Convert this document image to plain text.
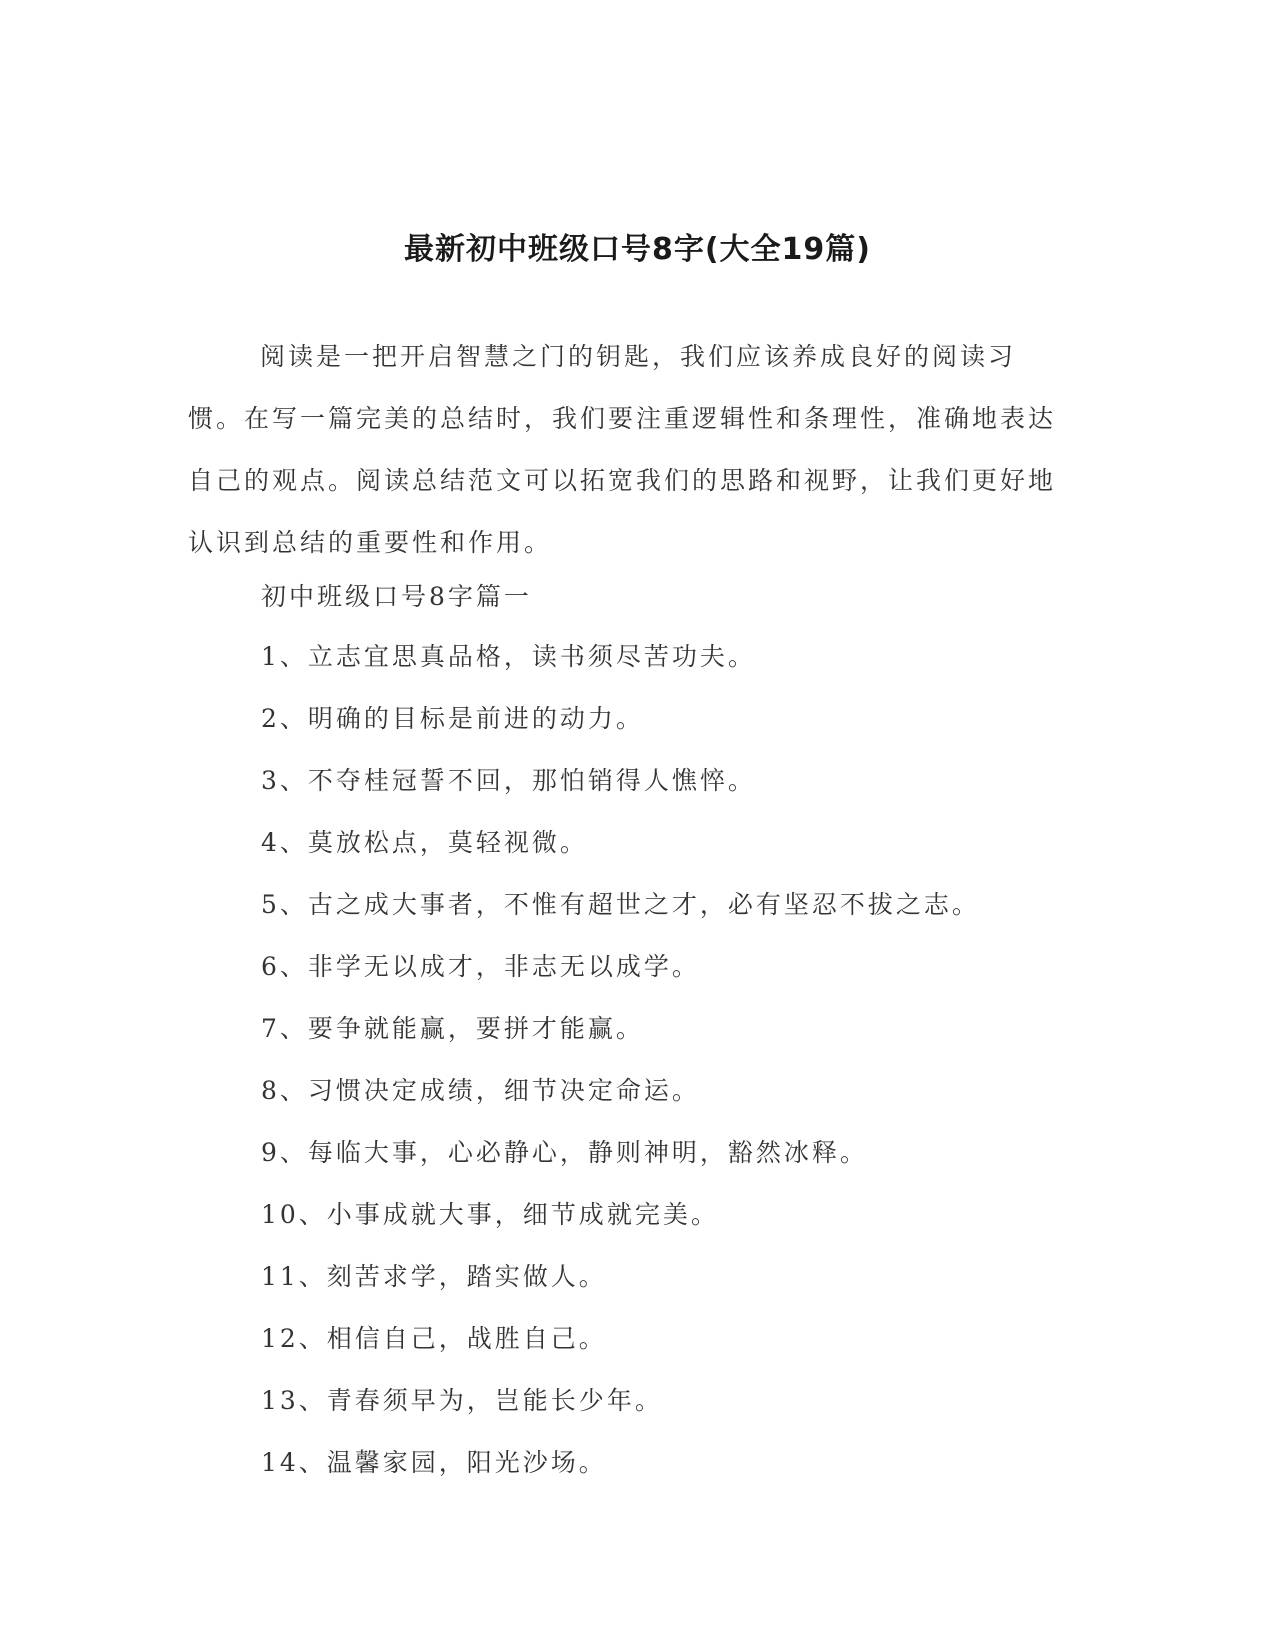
最新初中班级口号8字(大全19篇)

阅读是一把开启智慧之门的钥匙，我们应该养成良好的阅读习惯。在写一篇完美的总结时，我们要注重逻辑性和条理性，准确地表达自己的观点。阅读总结范文可以拓宽我们的思路和视野，让我们更好地认识到总结的重要性和作用。

初中班级口号8字篇一

1、立志宜思真品格，读书须尽苦功夫。
2、明确的目标是前进的动力。
3、不夺桂冠誓不回，那怕销得人憔悴。
4、莫放松点，莫轻视微。
5、古之成大事者，不惟有超世之才，必有坚忍不拔之志。
6、非学无以成才，非志无以成学。
7、要争就能赢，要拼才能赢。
8、习惯决定成绩，细节决定命运。
9、每临大事，心必静心，静则神明，豁然冰释。
10、小事成就大事，细节成就完美。
11、刻苦求学，踏实做人。
12、相信自己，战胜自己。
13、青春须早为，岂能长少年。
14、温馨家园，阳光沙场。
